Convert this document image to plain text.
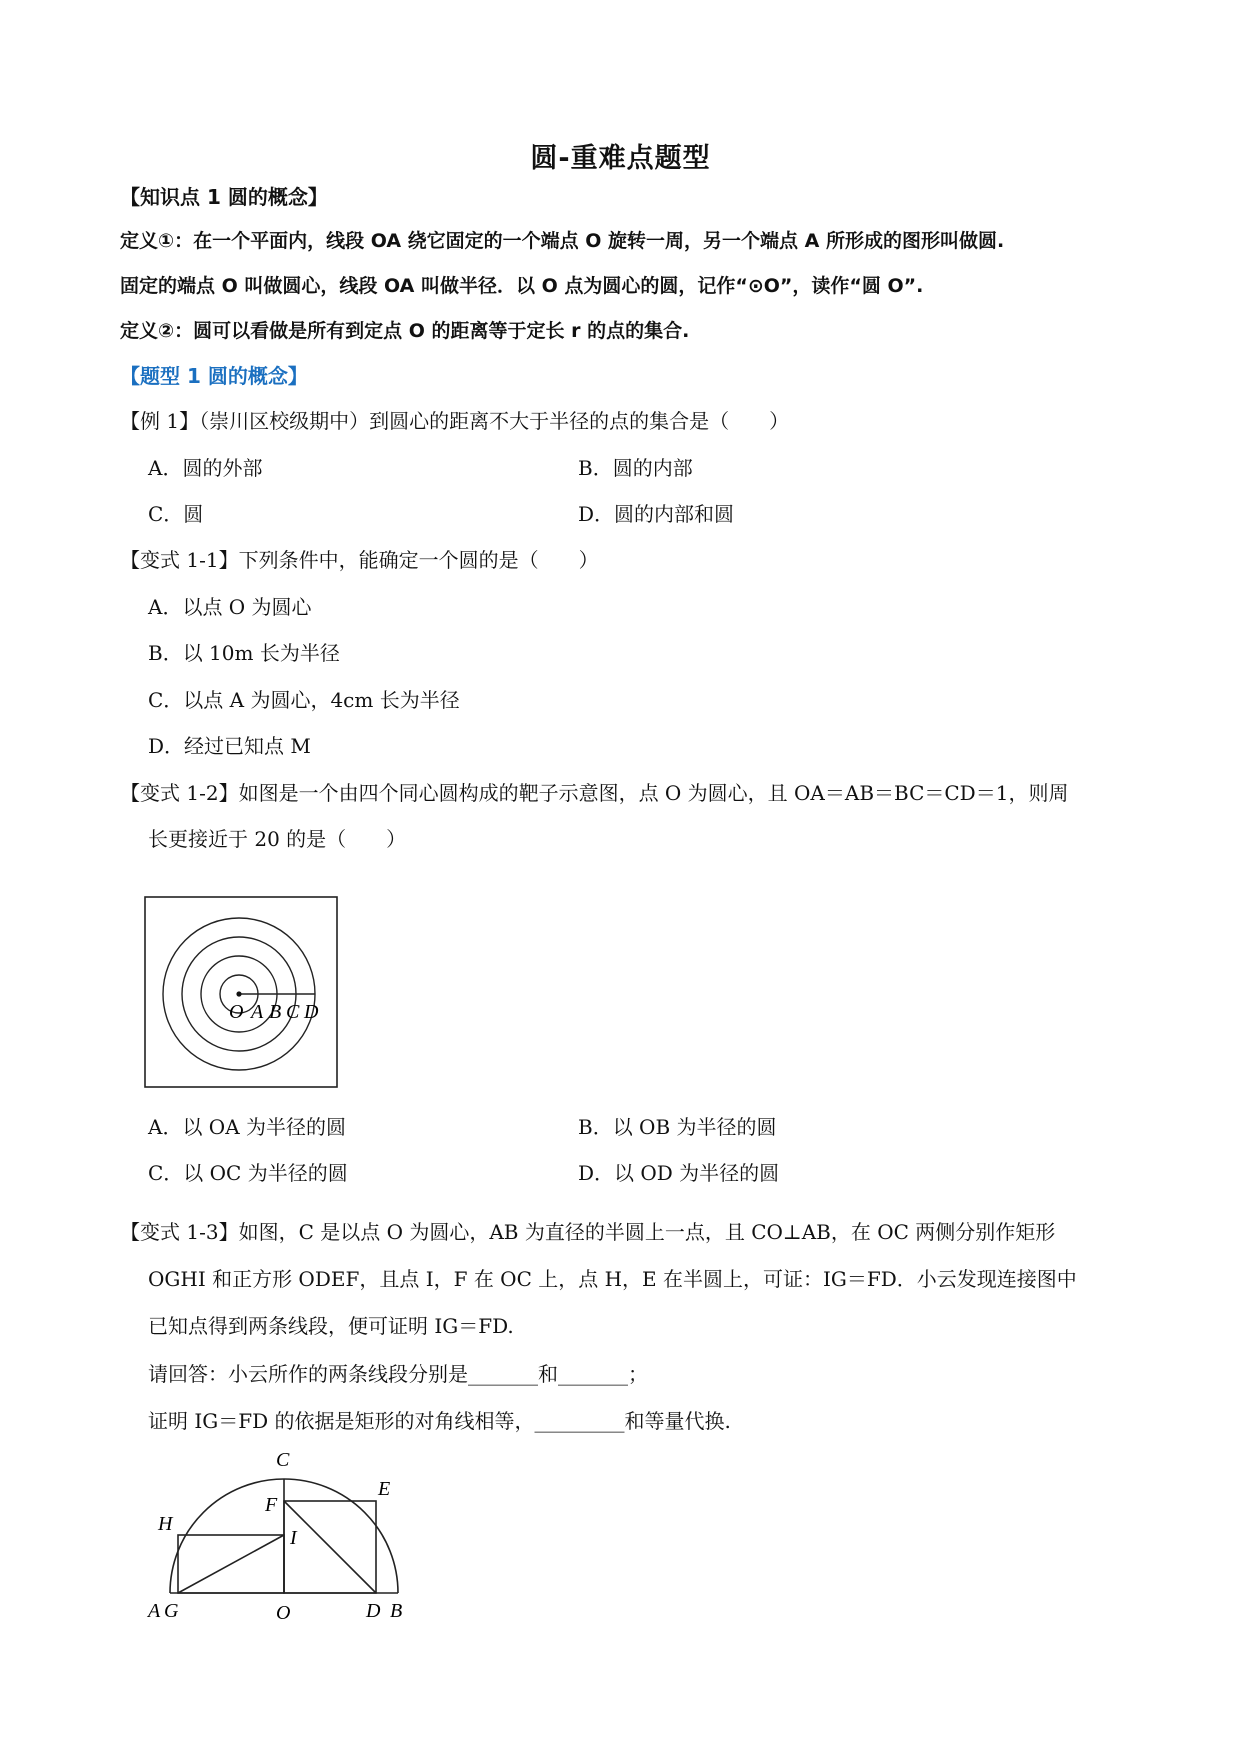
圆-重难点题型
【知识点 1 圆的概念】
定义①：在一个平面内，线段 OA 绕它固定的一个端点 O 旋转一周，另一个端点 A 所形成的图形叫做圆.
固定的端点 O 叫做圆心，线段 OA 叫做半径．以 O 点为圆心的圆，记作“⊙O”，读作“圆 O”.
定义②：圆可以看做是所有到定点 O 的距离等于定长 r 的点的集合.
【题型 1 圆的概念】
【例 1】（崇川区校级期中）到圆心的距离不大于半径的点的集合是（　　）
A．圆的外部	B．圆的内部
C．圆	D．圆的内部和圆
【变式 1-1】下列条件中，能确定一个圆的是（　　）
A．以点 O 为圆心
B．以 10m 长为半径
C．以点 A 为圆心，4cm 长为半径
D．经过已知点 M
【变式 1-2】如图是一个由四个同心圆构成的靶子示意图，点 O 为圆心，且 OA＝AB＝BC＝CD＝1，则周
长更接近于 20 的是（　　）
O A B C D
A．以 OA 为半径的圆	B．以 OB 为半径的圆
C．以 OC 为半径的圆	D．以 OD 为半径的圆
【变式 1-3】如图，C 是以点 O 为圆心，AB 为直径的半圆上一点，且 CO⊥AB，在 OC 两侧分别作矩形
OGHI 和正方形 ODEF，且点 I，F 在 OC 上，点 H，E 在半圆上，可证：IG＝FD．小云发现连接图中
已知点得到两条线段，便可证明 IG＝FD.
请回答：小云所作的两条线段分别是_______和_______；
证明 IG＝FD 的依据是矩形的对角线相等，_________和等量代换.
C
E
F
H
I
A G	O	D B
